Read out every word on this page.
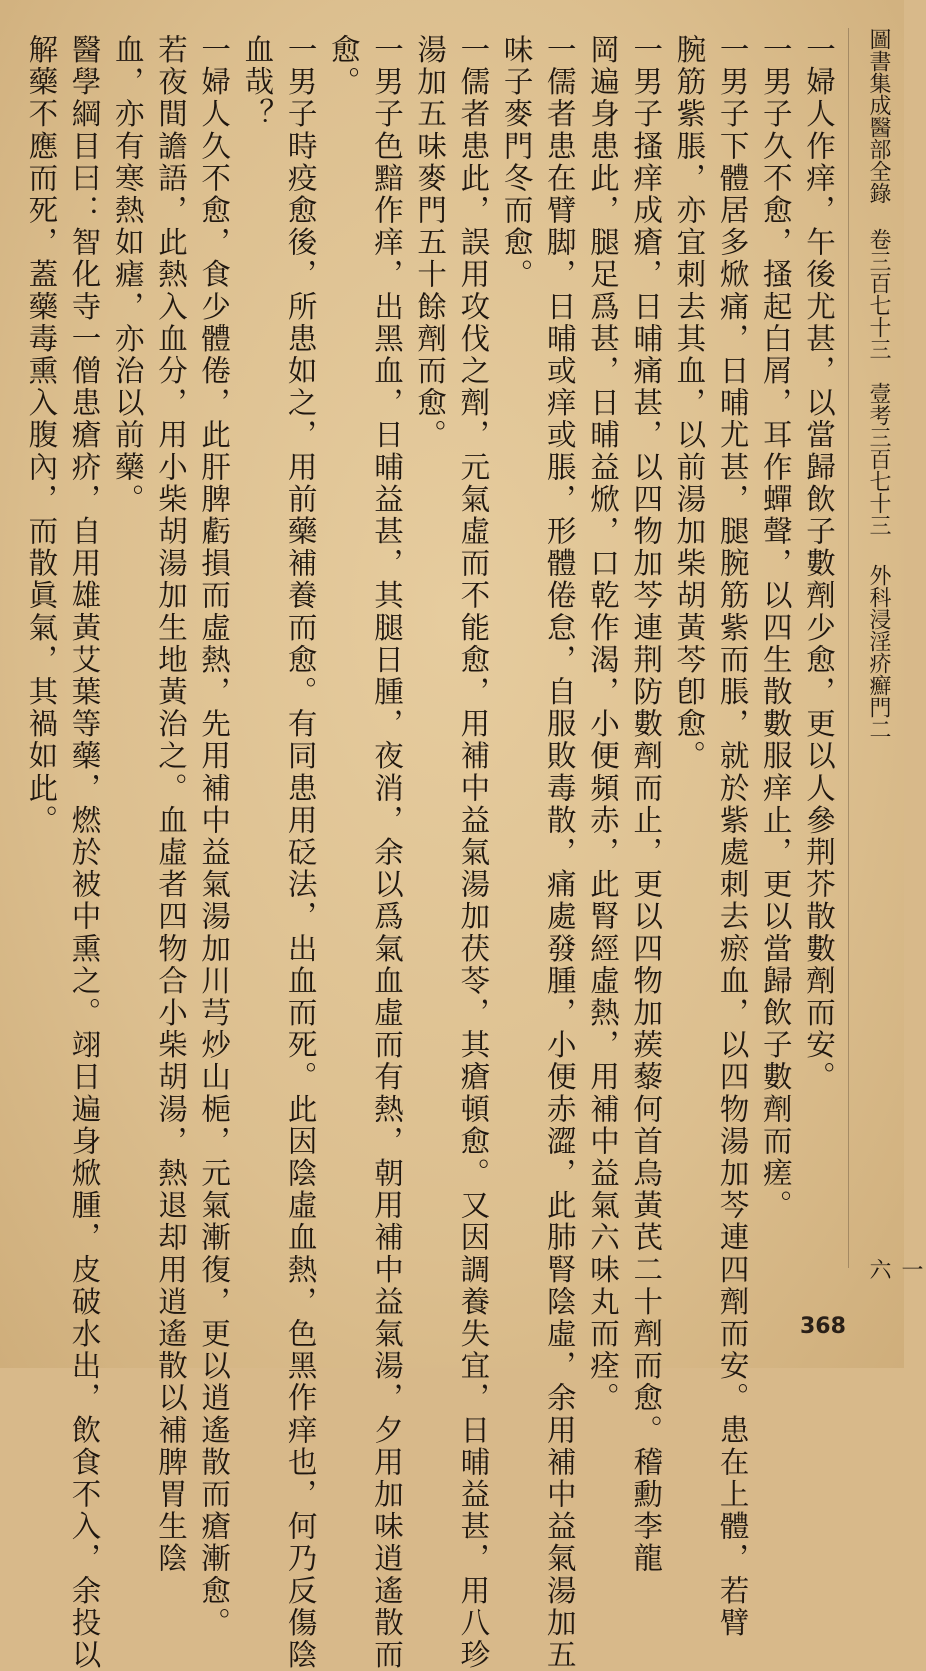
圖書集成醫部全錄卷三百七十三壹考三百七十三外科浸淫疥癬門二
一六
一婦人作痒，午後尤甚，以當歸飲子數劑少愈，更以人參荆芥散數劑而安。
一男子久不愈，搔起白屑，耳作蟬聲，以四生散數服痒止，更以當歸飲子數劑而瘥。
一男子下體居多焮痛，日晡尤甚，腿腕筋紫而脹，就於紫處刺去瘀血，以四物湯加芩連四劑而安。患在上體，若臂
腕筋紫脹，亦宜刺去其血，以前湯加柴胡黃芩卽愈。
一男子搔痒成瘡，日晡痛甚，以四物加芩連荆防數劑而止，更以四物加蒺藜何首烏黃芪二十劑而愈。稽勳李龍
岡遍身患此，腿足爲甚，日晡益焮，口乾作渴，小便頻赤，此腎經虛熱，用補中益氣六味丸而痊。
一儒者患在臂脚，日晡或痒或脹，形體倦怠，自服敗毒散，痛處發腫，小便赤澀，此肺腎陰虛，余用補中益氣湯加五
味子麥門冬而愈。
一儒者患此，誤用攻伐之劑，元氣虛而不能愈，用補中益氣湯加茯苓，其瘡頓愈。又因調養失宜，日晡益甚，用八珍
湯加五味麥門五十餘劑而愈。
一男子色黯作痒，出黑血，日晡益甚，其腿日腫，夜消，余以爲氣血虛而有熱，朝用補中益氣湯，夕用加味逍遙散而
愈。
一男子時疫愈後，所患如之，用前藥補養而愈。有同患用砭法，出血而死。此因陰虛血熱，色黑作痒也，何乃反傷陰
血哉？
一婦人久不愈，食少體倦，此肝脾虧損而虛熱，先用補中益氣湯加川芎炒山梔，元氣漸復，更以逍遙散而瘡漸愈。
若夜間譫語，此熱入血分，用小柴胡湯加生地黃治之。血虛者四物合小柴胡湯，熱退却用逍遙散以補脾胃生陰
血，亦有寒熱如瘧，亦治以前藥。
醫學綱目曰：智化寺一僧患瘡疥，自用雄黃艾葉等藥，燃於被中熏之。翊日遍身焮腫，皮破水出，飲食不入，余投以
解藥不應而死，蓋藥毒熏入腹內，而散眞氣，其禍如此。
368
